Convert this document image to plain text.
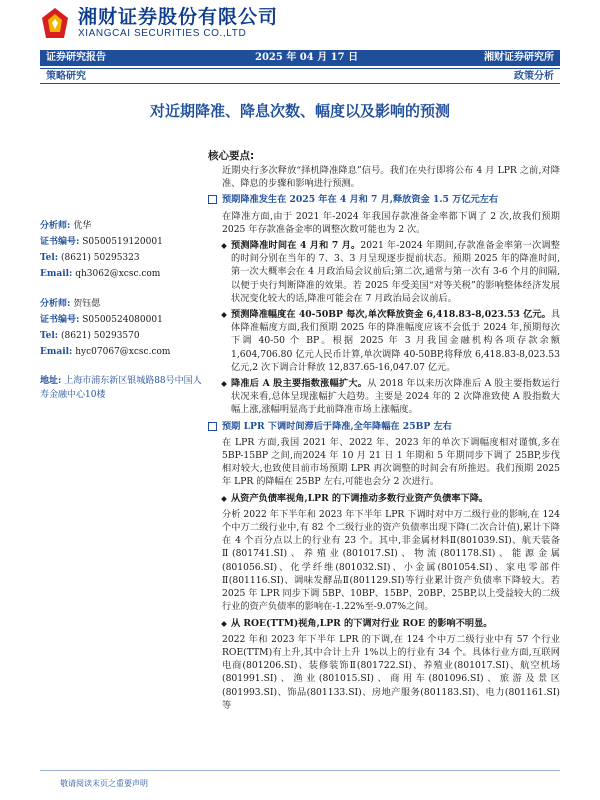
湘财证券股份有限公司
XIANGCAI SECURITIES CO.,LTD
证券研究报告	2025 年 04 月 17 日	湘财证券研究所
策略研究	政策分析
对近期降准、降息次数、幅度以及影响的预测
核心要点:
分析师: 优华
证书编号: S0500519120001
Tel: (8621) 50295323
Email: qh3062@xcsc.com
分析师: 贺钰偲
证书编号: S0500524080001
Tel: (8621) 50293570
Email: hyc07067@xcsc.com
地址: 上海市浦东新区银城路88号中国人寿金融中心10楼

近期央行多次释放“择机降准降息”信号。我们在央行即将公布 4 月 LPR 之前,对降准、降息的步骤和影响进行预测。

预期降准发生在 2025 年在 4 月和 7 月,释放资金 1.5 万亿元左右

在降准方面,由于 2021 年-2024 年我国存款准备金率都下调了 2 次,故我们预期 2025 年存款准备金率的调整次数可能也为 2 次。

预测降准时间在 4 月和 7 月。2021 年-2024 年期间,存款准备金率第一次调整的时间分别在当年的 7、3、3 月呈现逐步提前状态。预期 2025 年的降准时间,第一次大概率会在 4 月政治局会议前后;第二次,通常与第一次有 3-6 个月的间隔,以便于央行判断降准的效果。若 2025 年受美国“对等关税”的影响整体经济发展状况变化较大的话,降准可能会在 7 月政治局会议前后。

预测降准幅度在 40-50BP 每次,单次释放资金 6,418.83-8,023.53 亿元。具体降准幅度方面,我们预期 2025 年的降准幅度应该不会低于 2024 年,预期每次下调 40-50 个 BP。根据 2025 年 3 月我国金融机构各项存款余额 1,604,706.80 亿元人民币计算,单次调降 40-50BP,将释放 6,418.83-8,023.53 亿元,2 次下调合计释放 12,837.65-16,047.07 亿元。

降准后 A 股主要指数涨幅扩大。从 2018 年以来历次降准后 A 股主要指数运行状况来看,总体呈现涨幅扩大趋势。主要是 2024 年的 2 次降准致使 A 股指数大幅上涨,涨幅明显高于此前降准市场上涨幅度。

预期 LPR 下调时间滞后于降准,全年降幅在 25BP 左右

在 LPR 方面,我国 2021 年、2022 年、2023 年的单次下调幅度相对谨慎,多在 5BP-15BP 之间,而2024 年 10 月 21 日 1 年期和 5 年期同步下调了 25BP,步伐相对较大,也致使目前市场预期 LPR 再次调整的时间会有所推迟。我们预期 2025 年 LPR 的降幅在 25BP 左右,可能也会分 2 次进行。

从资产负债率视角,LPR 的下调推动多数行业资产负债率下降。

分析 2022 年下半年和 2023 年下半年 LPR 下调时对中万二级行业的影响,在 124 个中万二级行业中,有 82 个二级行业的资产负债率出现下降(二次合计值),累计下降在 4 个百分点以上的行业有 23 个。其中,非金属材料Ⅱ(801039.SI)、航天装备Ⅱ(801741.SI)、养殖业(801017.SI)、物流(801178.SI)、能源金属(801056.SI)、化学纤维(801032.SI)、小金属(801054.SI)、家电零部件Ⅱ(801116.SI)、调味发酵品Ⅱ(801129.SI)等行业累计资产负债率下降较大。若 2025 年 LPR 同步下调 5BP、10BP、15BP、20BP、25BP,以上受益较大的二级行业的资产负债率的影响在-1.22%至-9.07%之间。

从 ROE(TTM)视角,LPR 的下调对行业 ROE 的影响不明显。

2022 年和 2023 年下半年 LPR 的下调,在 124 个中万二级行业中有 57 个行业 ROE(TTM)有上升,其中合计上升 1%以上的行业有 34 个。具体行业方面,互联网电商(801206.SI)、装修装饰Ⅱ(801722.SI)、养殖业(801017.SI)、航空机场(801991.SI)、渔业(801015.SI)、商用车(801096.SI)、旅游及景区(801993.SI)、饰品(801133.SI)、房地产服务(801183.SI)、电力(801161.SI)等

敬请阅读末页之重要声明
